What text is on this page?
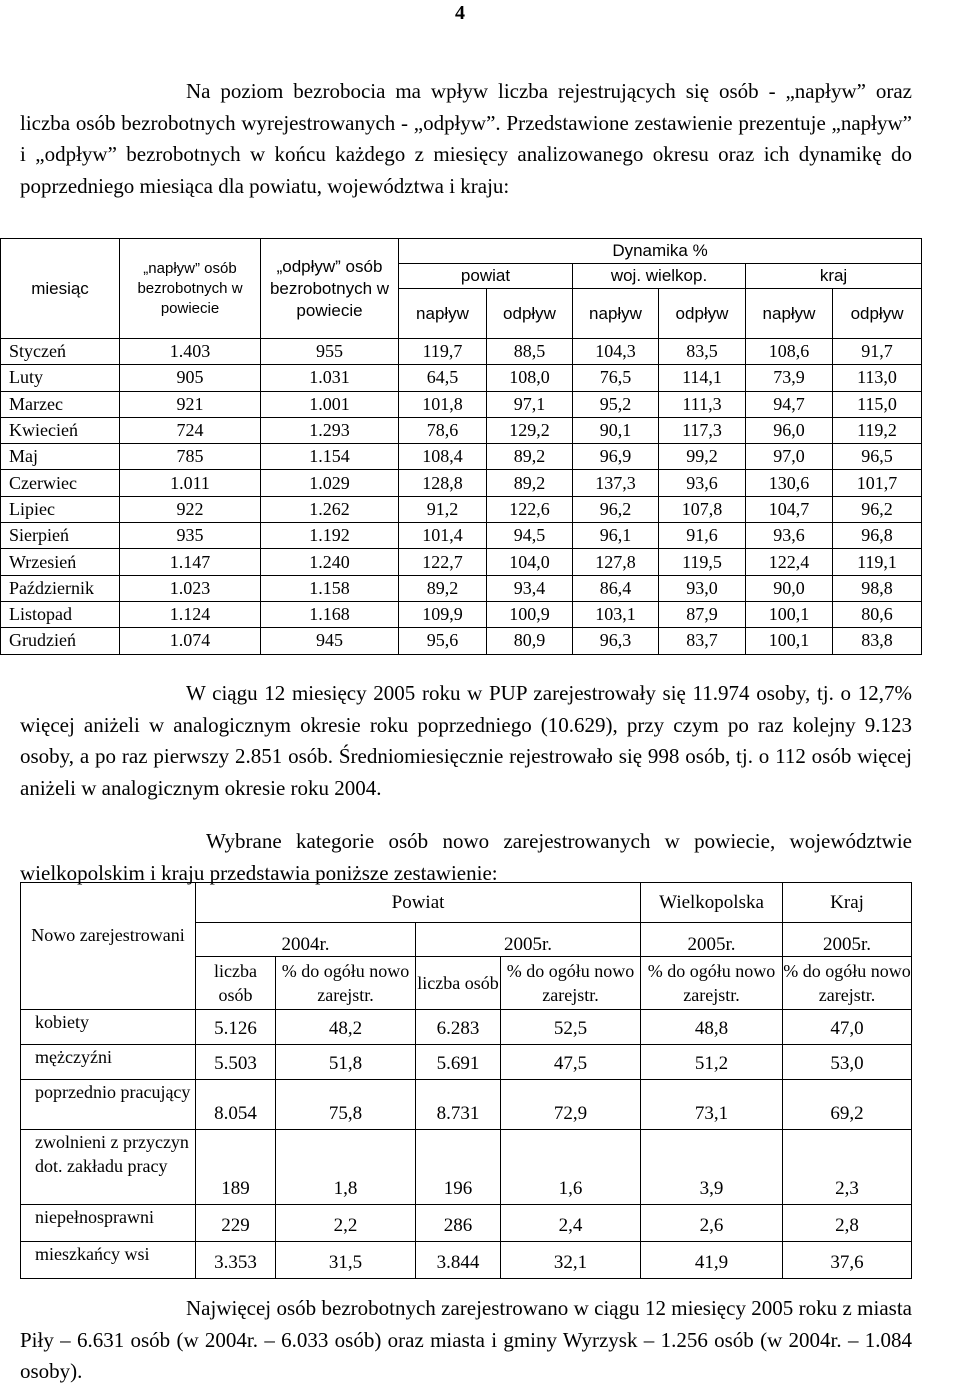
4

Na poziom bezrobocia ma wpływ liczba rejestrujących się osób - „napływ” oraz liczba osób bezrobotnych wyrejestrowanych - „odpływ”. Przedstawione zestawienie prezentuje „napływ” i „odpływ” bezrobotnych w końcu każdego z miesięcy analizowanego okresu oraz ich dynamikę do poprzedniego miesiąca dla powiatu, województwa i kraju:

miesiąc	„napływ” osób bezrobotnych w powiecie	„odpływ” osób bezrobotnych w powiecie	Dynamika %					
			powiat		woj. wielkop.		kraj	
			napływ	odpływ	napływ	odpływ	napływ	odpływ
Styczeń	1.403	955	119,7	88,5	104,3	83,5	108,6	91,7
Luty	905	1.031	64,5	108,0	76,5	114,1	73,9	113,0
Marzec	921	1.001	101,8	97,1	95,2	111,3	94,7	115,0
Kwiecień	724	1.293	78,6	129,2	90,1	117,3	96,0	119,2
Maj	785	1.154	108,4	89,2	96,9	99,2	97,0	96,5
Czerwiec	1.011	1.029	128,8	89,2	137,3	93,6	130,6	101,7
Lipiec	922	1.262	91,2	122,6	96,2	107,8	104,7	96,2
Sierpień	935	1.192	101,4	94,5	96,1	91,6	93,6	96,8
Wrzesień	1.147	1.240	122,7	104,0	127,8	119,5	122,4	119,1
Październik	1.023	1.158	89,2	93,4	86,4	93,0	90,0	98,8
Listopad	1.124	1.168	109,9	100,9	103,1	87,9	100,1	80,6
Grudzień	1.074	945	95,6	80,9	96,3	83,7	100,1	83,8

W ciągu 12 miesięcy 2005 roku w PUP zarejestrowały się 11.974 osoby, tj. o 12,7% więcej aniżeli w analogicznym okresie roku poprzedniego (10.629), przy czym po raz kolejny 9.123 osoby, a po raz pierwszy 2.851 osób. Średniomiesięcznie rejestrowało się 998 osób, tj. o 112 osób więcej aniżeli w analogicznym okresie roku 2004.

Wybrane kategorie osób nowo zarejestrowanych w powiecie, województwie wielkopolskim i kraju przedstawia poniższe zestawienie:

Nowo zarejestrowani	Powiat				Wielkopolska	Kraj
	2004r.		2005r.		2005r.	2005r.
	liczba osób	% do ogółu nowo zarejstr.	liczba osób	% do ogółu nowo zarejstr.	% do ogółu nowo zarejstr.	% do ogółu nowo zarejstr.
kobiety	5.126	48,2	6.283	52,5	48,8	47,0
mężczyźni	5.503	51,8	5.691	47,5	51,2	53,0
poprzednio pracujący	8.054	75,8	8.731	72,9	73,1	69,2
zwolnieni z przyczyn dot. zakładu pracy	189	1,8	196	1,6	3,9	2,3
niepełnosprawni	229	2,2	286	2,4	2,6	2,8
mieszkańcy wsi	3.353	31,5	3.844	32,1	41,9	37,6

Najwięcej osób bezrobotnych zarejestrowano w ciągu 12 miesięcy 2005 roku z miasta Piły – 6.631 osób (w 2004r. – 6.033 osób) oraz miasta i gminy Wyrzysk – 1.256 osób (w 2004r. – 1.084 osoby).
